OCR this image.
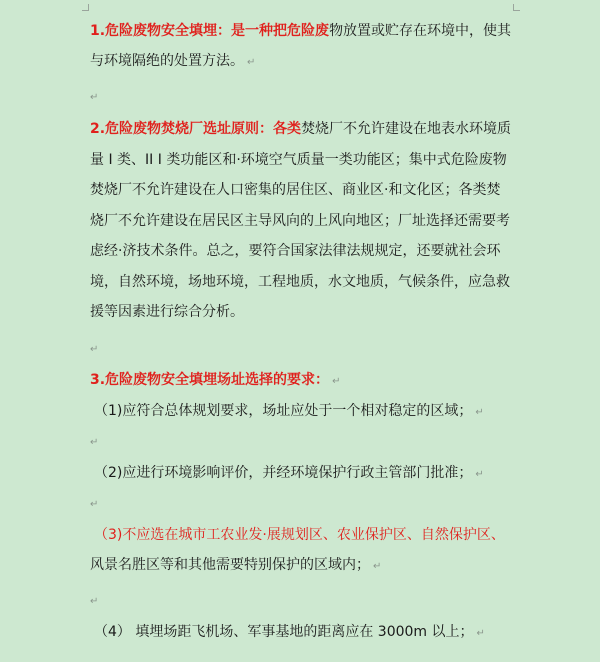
1.危险废物安全填埋：是一种把危险废物放置或贮存在环境中，使其
与环境隔绝的处置方法。 ↵
↵
2.危险废物焚烧厂选址原则：各类焚烧厂不允许建设在地表水环境质
量 I 类、II I 类功能区和·环境空气质量一类功能区；集中式危险废物
焚烧厂不允许建设在人口密集的居住区、商业区·和文化区；各类焚
烧厂不允许建设在居民区主导风向的上风向地区；厂址选择还需要考
虑经·济技术条件。总之，要符合国家法律法规规定，还要就社会环
境，自然环境，场地环境，工程地质，水文地质，气候条件，应急救
援等因素进行综合分析。
↵
3.危险废物安全填埋场址选择的要求： ↵
（1)应符合总体规划要求，场址应处于一个相对稳定的区域； ↵
↵
（2)应进行环境影响评价，并经环境保护行政主管部门批准； ↵
↵
（3)不应选在城市工农业发·展规划区、农业保护区、自然保护区、
风景名胜区等和其他需要特别保护的区域内； ↵
↵
（4） 填埋场距飞机场、军事基地的距离应在 3000m 以上； ↵
